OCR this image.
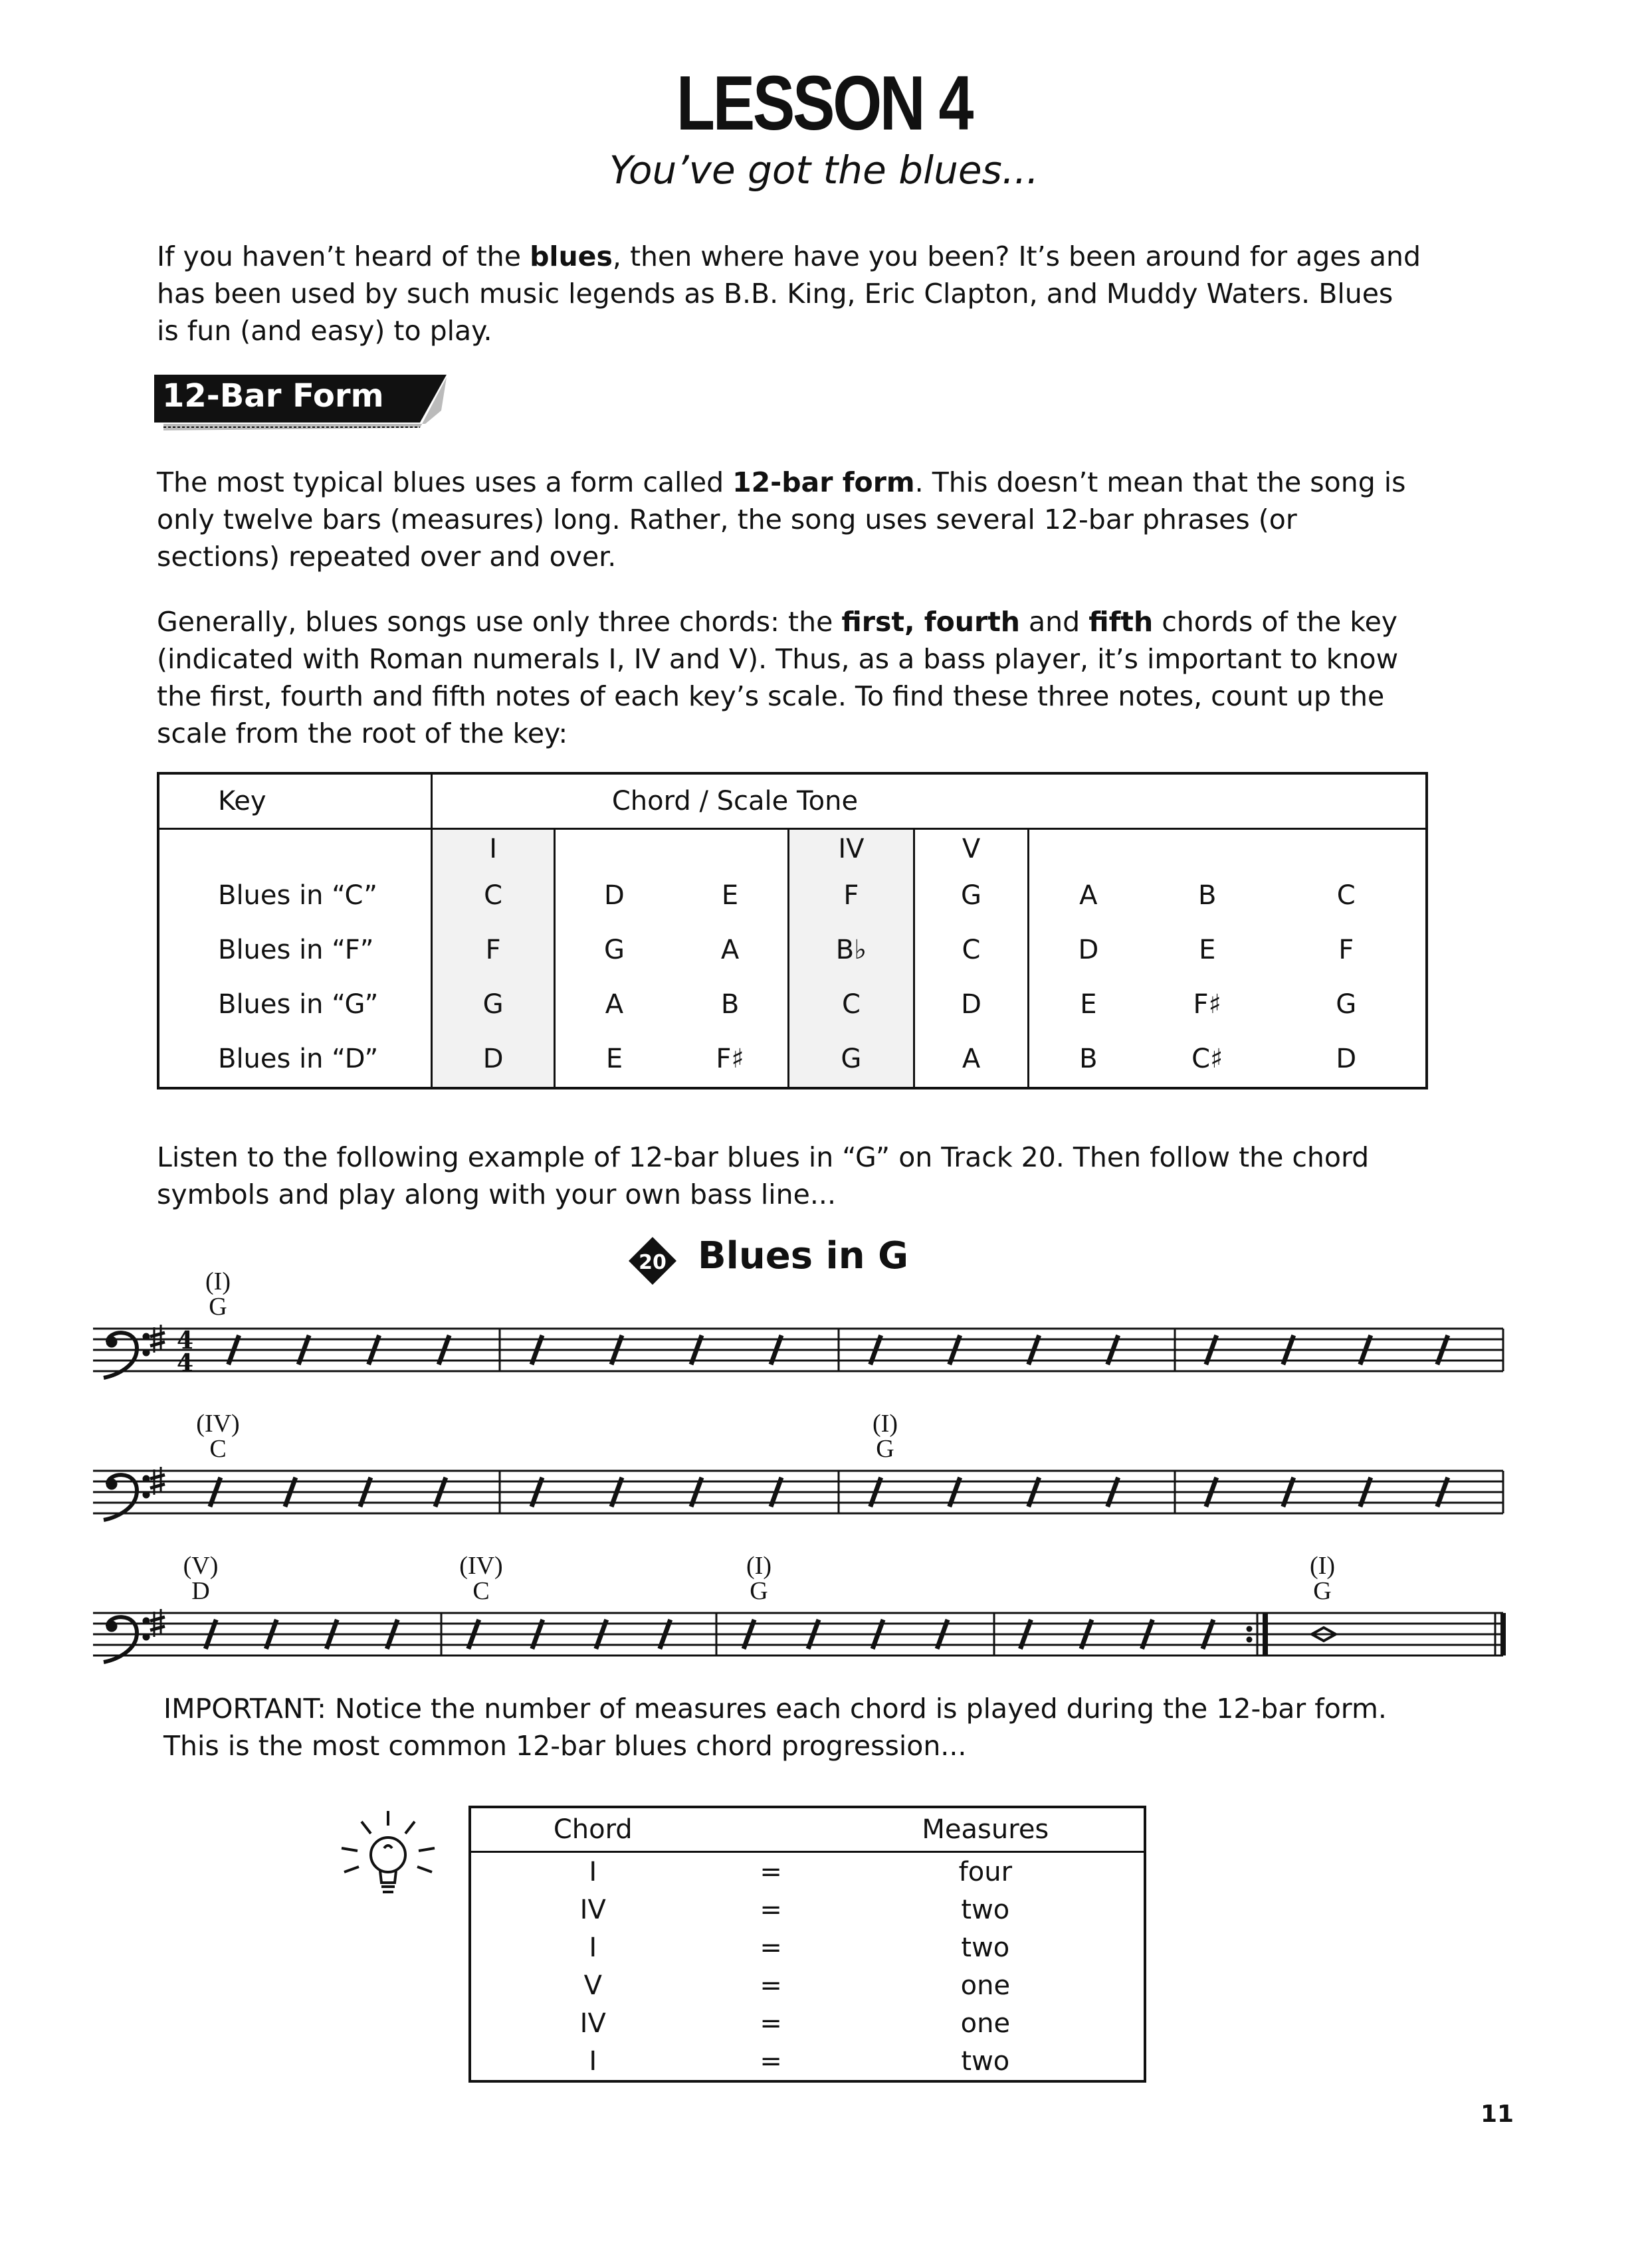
LESSON 4
You’ve got the blues...
If you haven’t heard of the blues, then where have you been? It’s been around for ages and
has been used by such music legends as B.B. King, Eric Clapton, and Muddy Waters. Blues
is fun (and easy) to play.
12-Bar Form
The most typical blues uses a form called 12-bar form. This doesn’t mean that the song is
only twelve bars (measures) long. Rather, the song uses several 12-bar phrases (or
sections) repeated over and over.
Generally, blues songs use only three chords: the first, fourth and fifth chords of the key
(indicated with Roman numerals I, IV and V). Thus, as a bass player, it’s important to know
the first, fourth and fifth notes of each key’s scale. To find these three notes, count up the
scale from the root of the key:
Key	Chord / Scale Tone							
	I			IV	V			
Blues in “C”	C	D	E	F	G	A	B	C
Blues in “F”	F	G	A	B♭	C	D	E	F
Blues in “G”	G	A	B	C	D	E	F♯	G
Blues in “D”	D	E	F♯	G	A	B	C♯	D
Listen to the following example of 12-bar blues in “G” on Track 20. Then follow the chord
symbols and play along with your own bass line...
20 Blues in G
(I)
G
(IV)
C
(I)
G
(V)
D
(IV)
C
(I)
G
(I)
G
4
4
IMPORTANT: Notice the number of measures each chord is played during the 12-bar form.
This is the most common 12-bar blues chord progression...
Chord		Measures
I	=	four
IV	=	two
I	=	two
V	=	one
IV	=	one
I	=	two
11
